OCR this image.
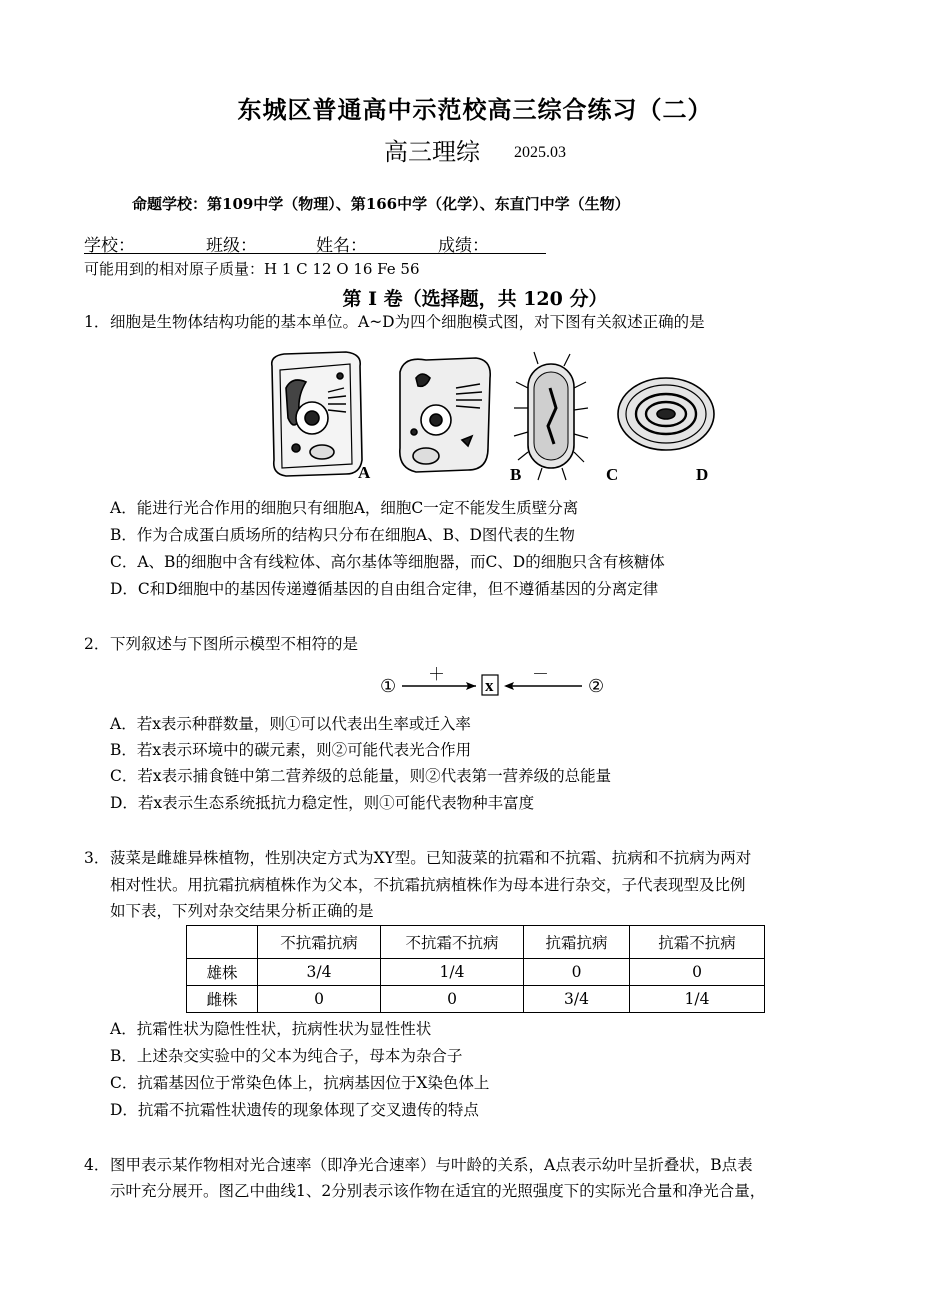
东城区普通高中示范校高三综合练习（二）
高三理综 2025.03
命题学校：第109中学（物理）、第166中学（化学）、东直门中学（生物）
学校：	班级：	姓名：	成绩：
可能用到的相对原子质量：H 1 C 12 O 16 Fe 56
第 I 卷（选择题，共 120 分）
1． 细胞是生物体结构功能的基本单位。A~D为四个细胞模式图，对下图有关叙述正确的是
A	B	C	D
A．能进行光合作用的细胞只有细胞A，细胞C一定不能发生质壁分离
B．作为合成蛋白质场所的结构只分布在细胞A、B、D图代表的生物
C．A、B的细胞中含有线粒体、高尔基体等细胞器，而C、D的细胞只含有核糖体
D．C和D细胞中的基因传递遵循基因的自由组合定律，但不遵循基因的分离定律
2． 下列叙述与下图所示模型不相符的是
①
＋
x
－
②
A．若x表示种群数量，则①可以代表出生率或迁入率
B．若x表示环境中的碳元素，则②可能代表光合作用
C．若x表示捕食链中第二营养级的总能量，则②代表第一营养级的总能量
D．若x表示生态系统抵抗力稳定性，则①可能代表物种丰富度
3． 菠菜是雌雄异株植物，性别决定方式为XY型。已知菠菜的抗霜和不抗霜、抗病和不抗病为两对
相对性状。用抗霜抗病植株作为父本，不抗霜抗病植株作为母本进行杂交，子代表现型及比例
如下表，下列对杂交结果分析正确的是
	不抗霜抗病	不抗霜不抗病	抗霜抗病	抗霜不抗病
雄株	3/4	1/4	0	0
雌株	0	0	3/4	1/4
A．抗霜性状为隐性性状，抗病性状为显性性状
B．上述杂交实验中的父本为纯合子，母本为杂合子
C．抗霜基因位于常染色体上，抗病基因位于X染色体上
D．抗霜不抗霜性状遗传的现象体现了交叉遗传的特点
4． 图甲表示某作物相对光合速率（即净光合速率）与叶龄的关系，A点表示幼叶呈折叠状，B点表
示叶充分展开。图乙中曲线1、2分别表示该作物在适宜的光照强度下的实际光合量和净光合量，
